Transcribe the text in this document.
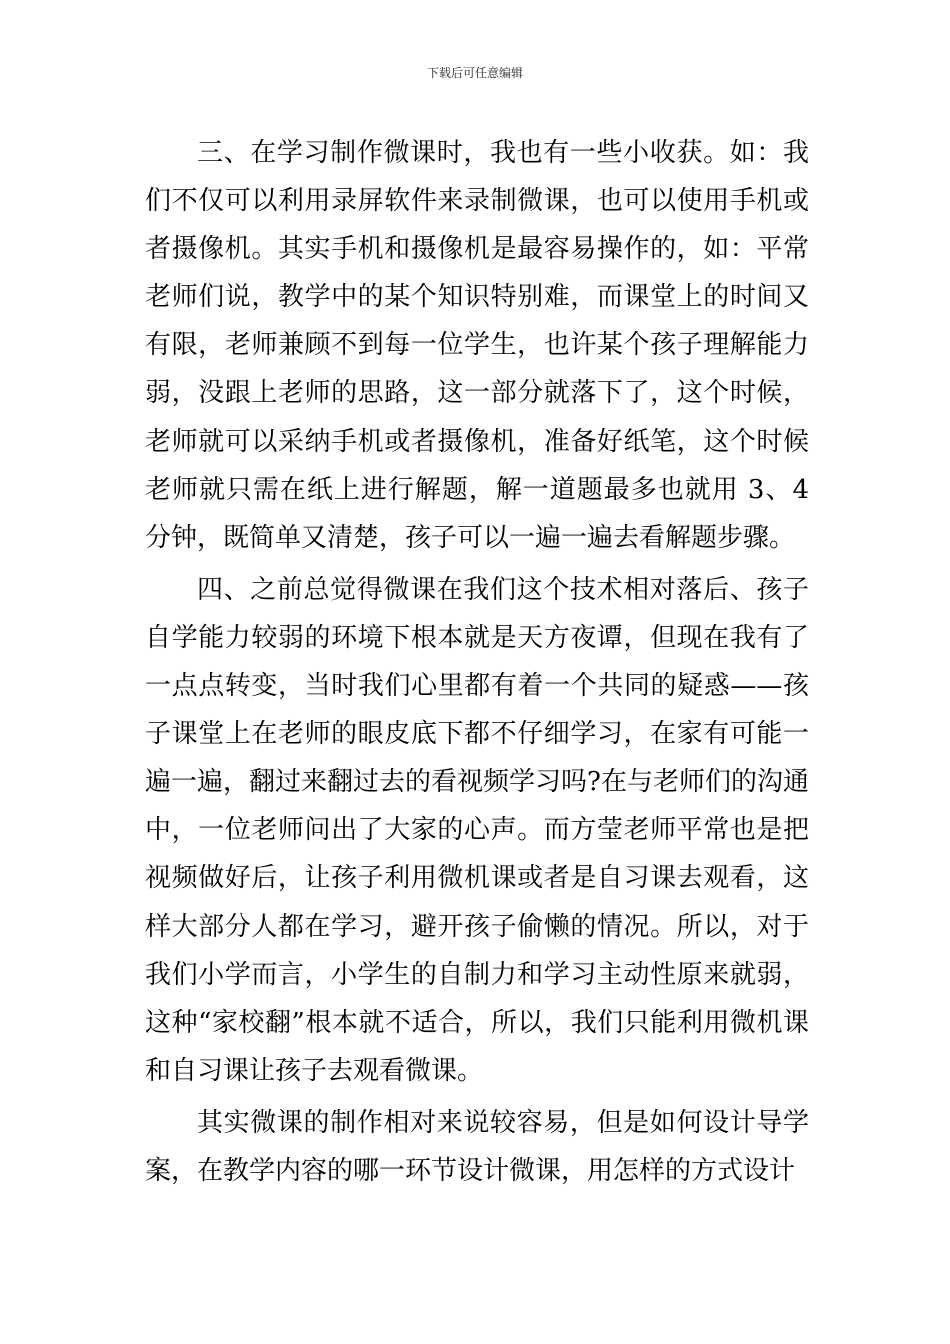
下载后可任意编辑

三、在学习制作微课时，我也有一些小收获。如：我们不仅可以利用录屏软件来录制微课，也可以使用手机或者摄像机。其实手机和摄像机是最容易操作的，如：平常老师们说，教学中的某个知识特别难，而课堂上的时间又有限，老师兼顾不到每一位学生，也许某个孩子理解能力弱，没跟上老师的思路，这一部分就落下了，这个时候，老师就可以采纳手机或者摄像机，准备好纸笔，这个时候老师就只需在纸上进行解题，解一道题最多也就用 3、4 分钟，既简单又清楚，孩子可以一遍一遍去看解题步骤。

四、之前总觉得微课在我们这个技术相对落后、孩子自学能力较弱的环境下根本就是天方夜谭，但现在我有了一点点转变，当时我们心里都有着一个共同的疑惑——孩子课堂上在老师的眼皮底下都不仔细学习，在家有可能一遍一遍，翻过来翻过去的看视频学习吗?在与老师们的沟通中，一位老师问出了大家的心声。而方莹老师平常也是把视频做好后，让孩子利用微机课或者是自习课去观看，这样大部分人都在学习，避开孩子偷懒的情况。所以，对于我们小学而言，小学生的自制力和学习主动性原来就弱，这种“家校翻”根本就不适合，所以，我们只能利用微机课和自习课让孩子去观看微课。

其实微课的制作相对来说较容易，但是如何设计导学案，在教学内容的哪一环节设计微课，用怎样的方式设计
